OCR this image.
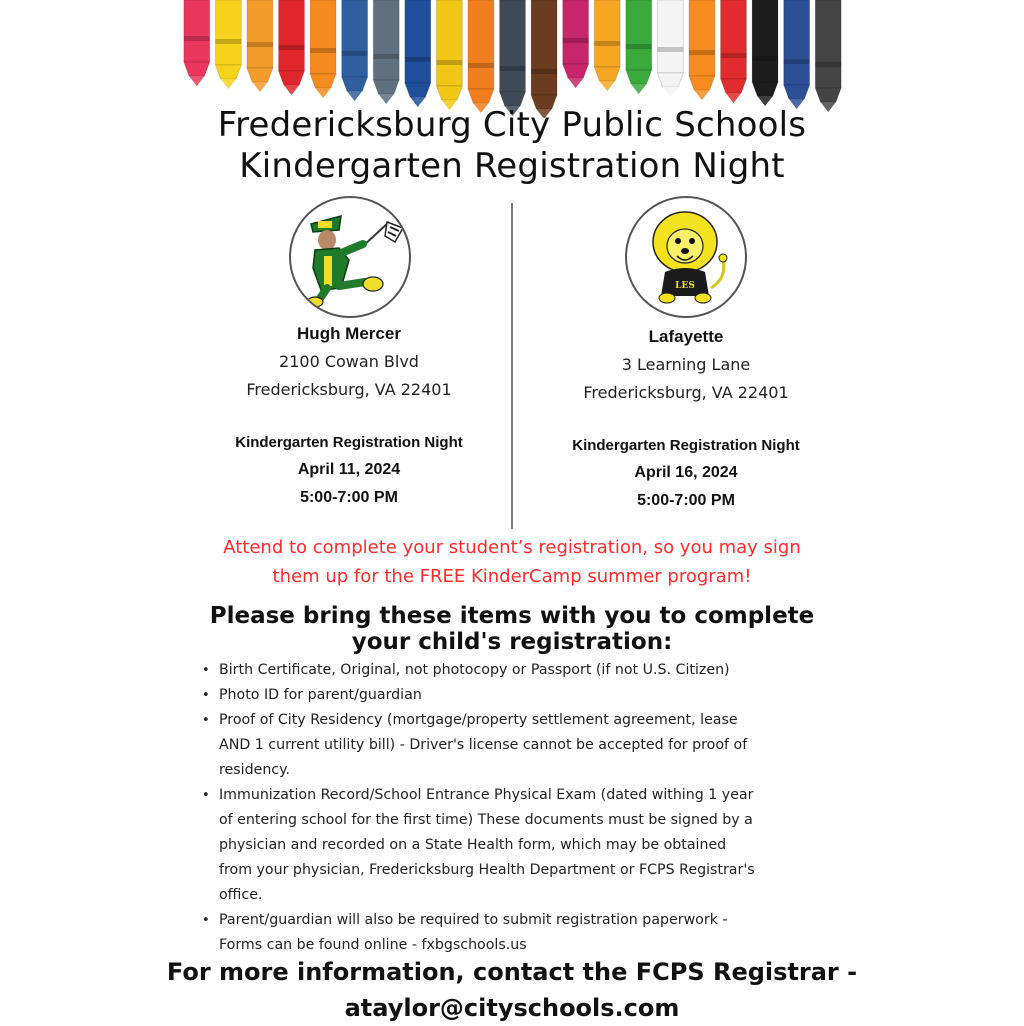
Fredericksburg City Public Schools
Kindergarten Registration Night
LES
Hugh Mercer
2100 Cowan Blvd
Fredericksburg, VA 22401
Kindergarten Registration Night
April 11, 2024
5:00-7:00 PM
Lafayette
3 Learning Lane
Fredericksburg, VA 22401
Kindergarten Registration Night
April 16, 2024
5:00-7:00 PM
Attend to complete your student’s registration, so you may sign
them up for the FREE KinderCamp summer program!
Please bring these items with you to complete
your child's registration:
• Birth Certificate, Original, not photocopy or Passport (if not U.S. Citizen)
• Photo ID for parent/guardian
• Proof of City Residency (mortgage/property settlement agreement, lease
AND 1 current utility bill) - Driver's license cannot be accepted for proof of
residency.
• Immunization Record/School Entrance Physical Exam (dated withing 1 year
of entering school for the first time) These documents must be signed by a
physician and recorded on a State Health form, which may be obtained
from your physician, Fredericksburg Health Department or FCPS Registrar's
office.
• Parent/guardian will also be required to submit registration paperwork -
Forms can be found online - fxbgschools.us
For more information, contact the FCPS Registrar -
ataylor@cityschools.com
